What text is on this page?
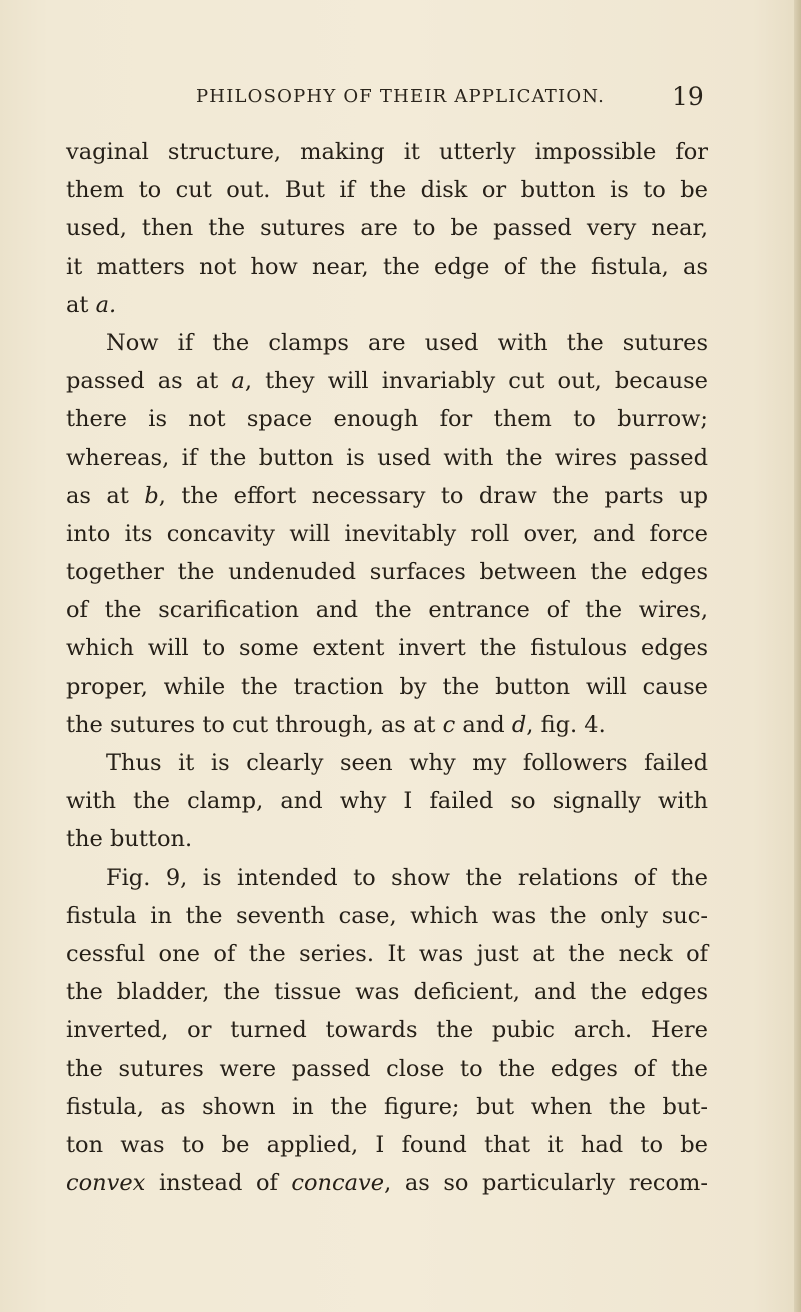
PHILOSOPHY OF THEIR APPLICATION.	19
vaginal structure, making it utterly impossible for
them to cut out. But if the disk or button is to be
used, then the sutures are to be passed very near,
it matters not how near, the edge of the fistula, as
at a.
Now if the clamps are used with the sutures
passed as at a, they will invariably cut out, because
there is not space enough for them to burrow;
whereas, if the button is used with the wires passed
as at b, the effort necessary to draw the parts up
into its concavity will inevitably roll over, and force
together the undenuded surfaces between the edges
of the scarification and the entrance of the wires,
which will to some extent invert the fistulous edges
proper, while the traction by the button will cause
the sutures to cut through, as at c and d, fig. 4.
Thus it is clearly seen why my followers failed
with the clamp, and why I failed so signally with
the button.
Fig. 9, is intended to show the relations of the
fistula in the seventh case, which was the only suc-
cessful one of the series. It was just at the neck of
the bladder, the tissue was deficient, and the edges
inverted, or turned towards the pubic arch. Here
the sutures were passed close to the edges of the
fistula, as shown in the figure; but when the but-
ton was to be applied, I found that it had to be
convex instead of concave, as so particularly recom-
